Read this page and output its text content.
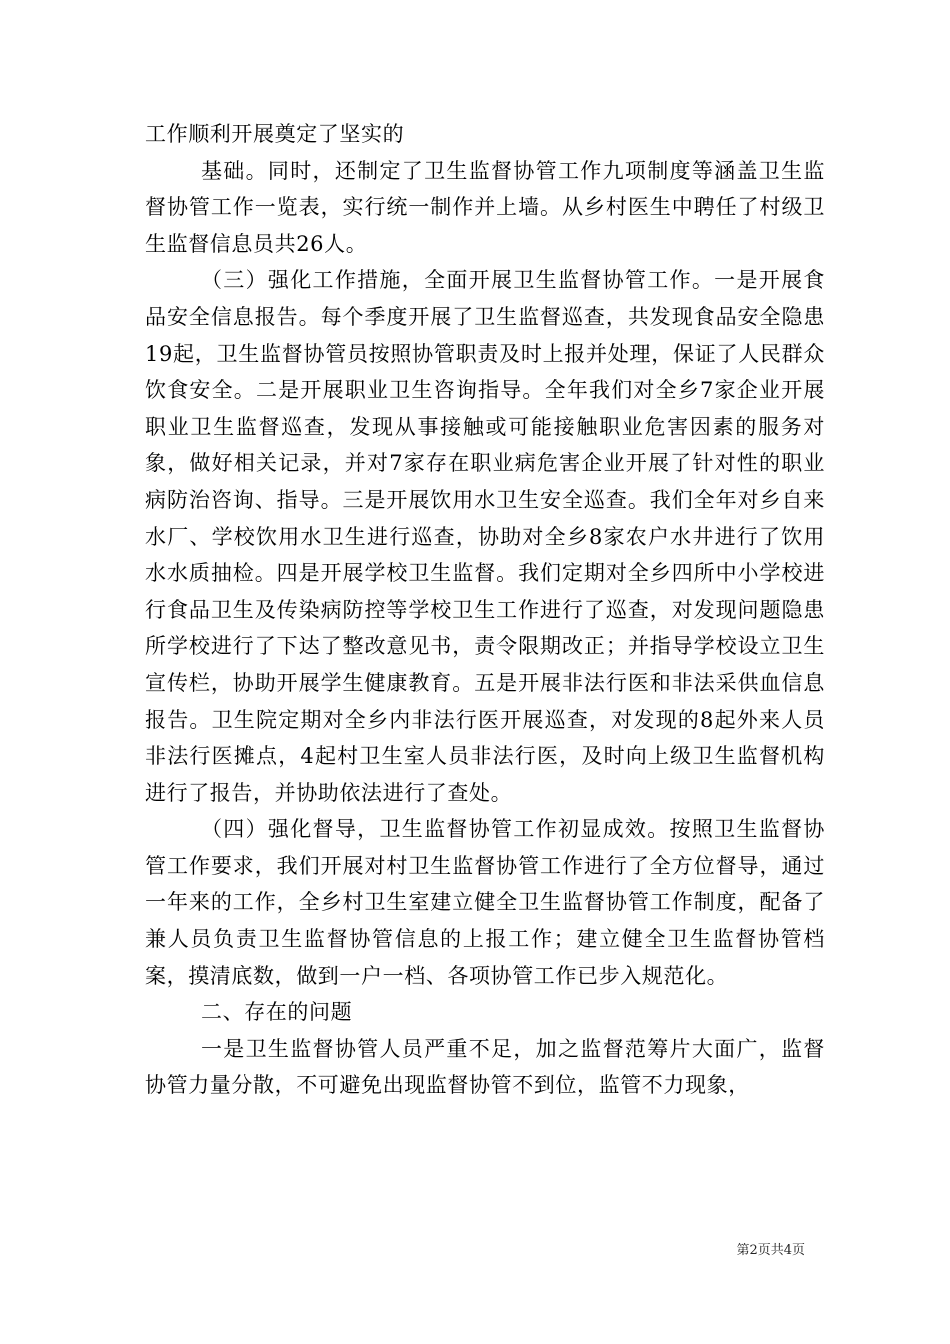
工作顺利开展奠定了坚实的

基础。同时，还制定了卫生监督协管工作九项制度等涵盖卫生监督协管工作一览表，实行统一制作并上墙。从乡村医生中聘任了村级卫生监督信息员共26人。

（三）强化工作措施，全面开展卫生监督协管工作。一是开展食品安全信息报告。每个季度开展了卫生监督巡查，共发现食品安全隐患19起，卫生监督协管员按照协管职责及时上报并处理，保证了人民群众饮食安全。二是开展职业卫生咨询指导。全年我们对全乡7家企业开展职业卫生监督巡查，发现从事接触或可能接触职业危害因素的服务对象，做好相关记录，并对7家存在职业病危害企业开展了针对性的职业病防治咨询、指导。三是开展饮用水卫生安全巡查。我们全年对乡自来水厂、学校饮用水卫生进行巡查，协助对全乡8家农户水井进行了饮用水水质抽检。四是开展学校卫生监督。我们定期对全乡四所中小学校进行食品卫生及传染病防控等学校卫生工作进行了巡查，对发现问题隐患所学校进行了下达了整改意见书，责令限期改正；并指导学校设立卫生宣传栏，协助开展学生健康教育。五是开展非法行医和非法采供血信息报告。卫生院定期对全乡内非法行医开展巡查，对发现的8起外来人员非法行医摊点，4起村卫生室人员非法行医，及时向上级卫生监督机构进行了报告，并协助依法进行了查处。

（四）强化督导，卫生监督协管工作初显成效。按照卫生监督协管工作要求，我们开展对村卫生监督协管工作进行了全方位督导，通过一年来的工作，全乡村卫生室建立健全卫生监督协管工作制度，配备了兼人员负责卫生监督协管信息的上报工作；建立健全卫生监督协管档案，摸清底数，做到一户一档、各项协管工作已步入规范化。

二、存在的问题

一是卫生监督协管人员严重不足，加之监督范筹片大面广，监督协管力量分散，不可避免出现监督协管不到位，监管不力现象，

第2页共4页
